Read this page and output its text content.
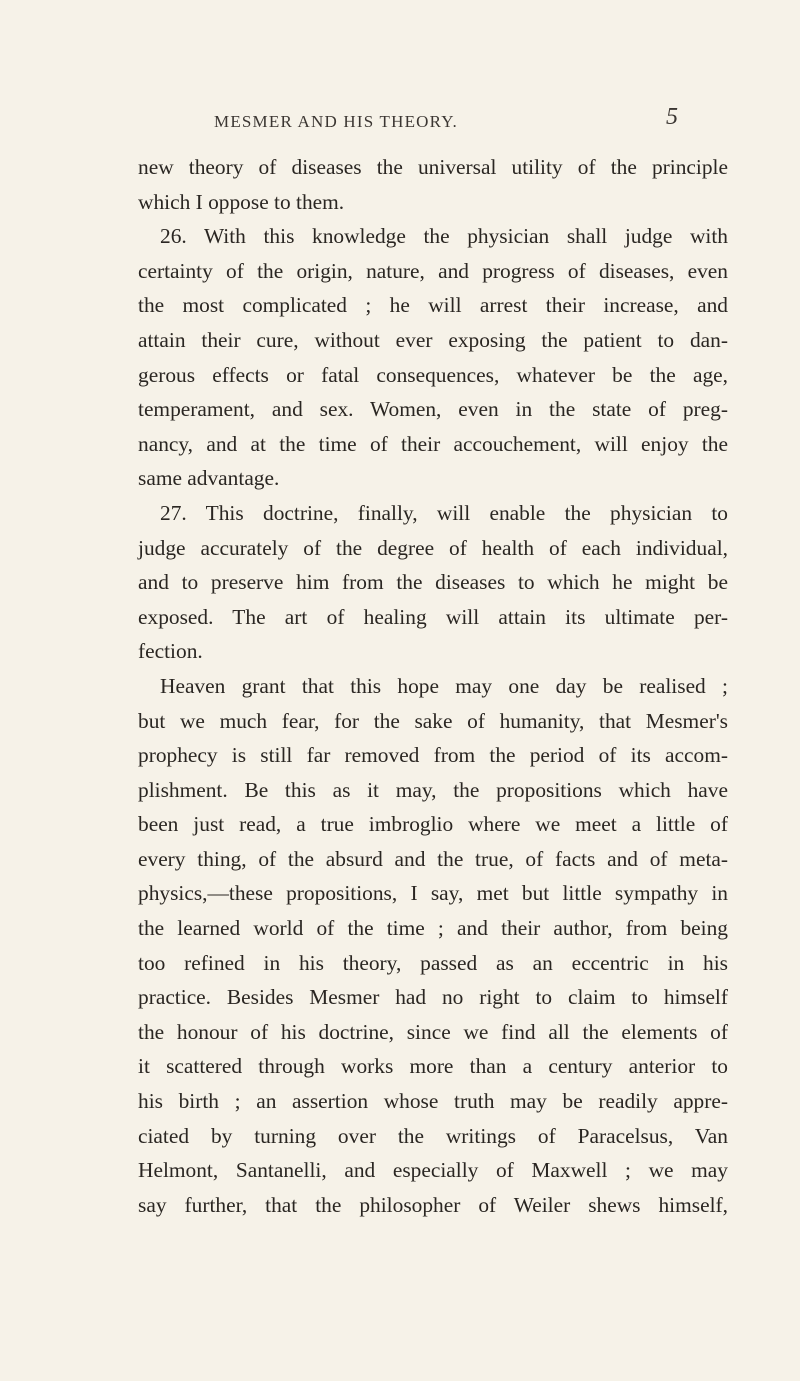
MESMER AND HIS THEORY.	5
new theory of diseases the universal utility of the principle
which I oppose to them.
26. With this knowledge the physician shall judge with
certainty of the origin, nature, and progress of diseases, even
the most complicated ; he will arrest their increase, and
attain their cure, without ever exposing the patient to dan-
gerous effects or fatal consequences, whatever be the age,
temperament, and sex. Women, even in the state of preg-
nancy, and at the time of their accouchement, will enjoy the
same advantage.
27. This doctrine, finally, will enable the physician to
judge accurately of the degree of health of each individual,
and to preserve him from the diseases to which he might be
exposed. The art of healing will attain its ultimate per-
fection.
Heaven grant that this hope may one day be realised ;
but we much fear, for the sake of humanity, that Mesmer's
prophecy is still far removed from the period of its accom-
plishment. Be this as it may, the propositions which have
been just read, a true imbroglio where we meet a little of
every thing, of the absurd and the true, of facts and of meta-
physics,—these propositions, I say, met but little sympathy in
the learned world of the time ; and their author, from being
too refined in his theory, passed as an eccentric in his
practice. Besides Mesmer had no right to claim to himself
the honour of his doctrine, since we find all the elements of
it scattered through works more than a century anterior to
his birth ; an assertion whose truth may be readily appre-
ciated by turning over the writings of Paracelsus, Van
Helmont, Santanelli, and especially of Maxwell ; we may
say further, that the philosopher of Weiler shews himself,
